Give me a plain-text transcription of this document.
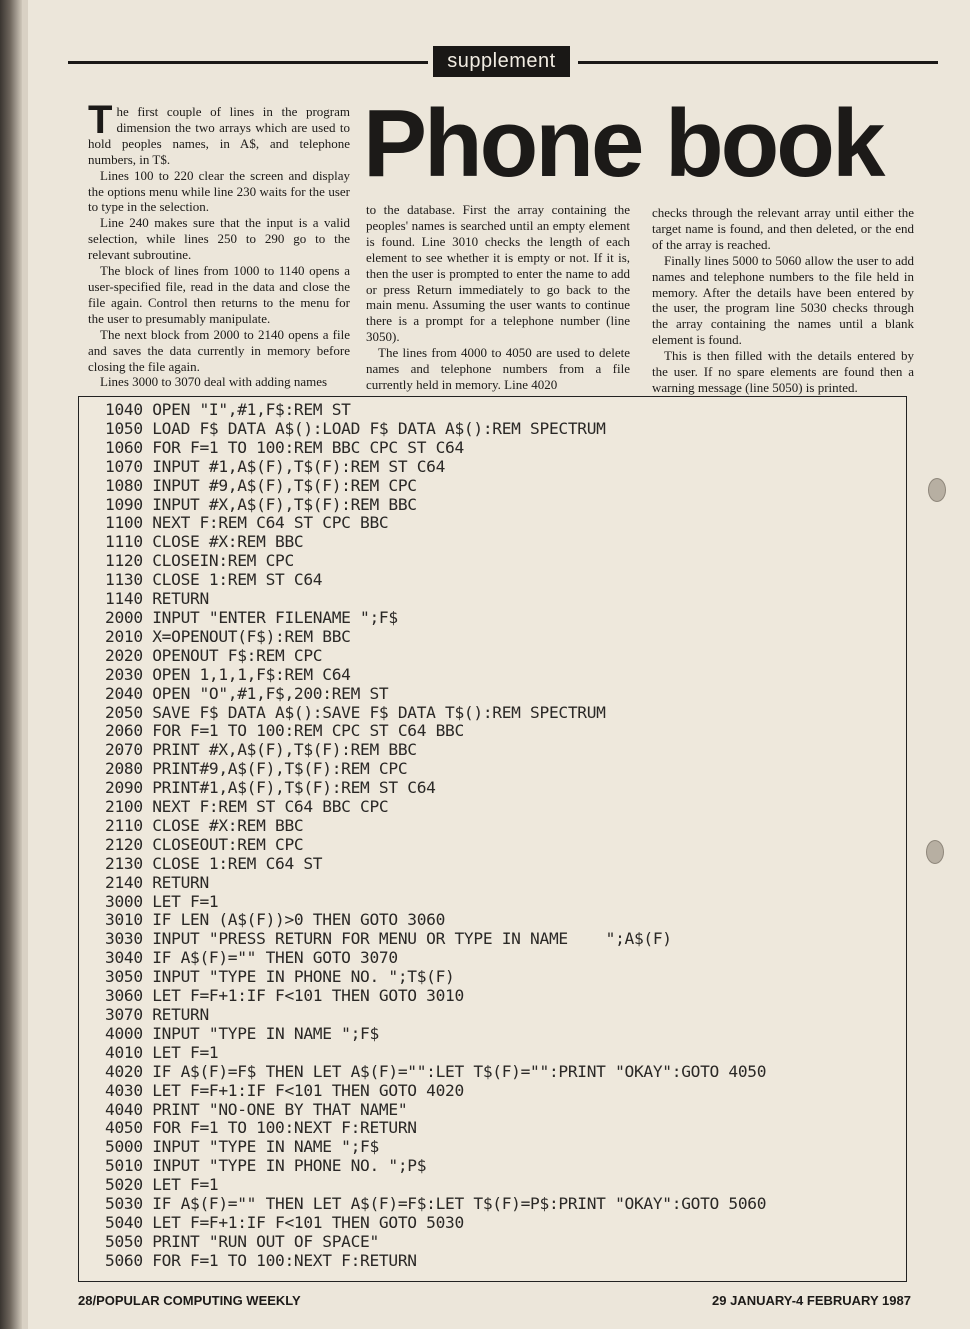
supplement
Phone book

The first couple of lines in the program dimension the two arrays which are used to hold peoples names, in A$, and telephone numbers, in T$.

Lines 100 to 220 clear the screen and display the options menu while line 230 waits for the user to type in the selection.

Line 240 makes sure that the input is a valid selection, while lines 250 to 290 go to the relevant subroutine.

The block of lines from 1000 to 1140 opens a user-specified file, read in the data and close the file again. Control then returns to the menu for the user to presumably manipulate.

The next block from 2000 to 2140 opens a file and saves the data currently in memory before closing the file again.

Lines 3000 to 3070 deal with adding names

to the database. First the array containing the peoples' names is searched until an empty element is found. Line 3010 checks the length of each element to see whether it is empty or not. If it is, then the user is prompted to enter the name to add or press Return immediately to go back to the main menu. Assuming the user wants to continue there is a prompt for a telephone number (line 3050).

The lines from 4000 to 4050 are used to delete names and telephone numbers from a file currently held in memory. Line 4020

checks through the relevant array until either the target name is found, and then deleted, or the end of the array is reached.

Finally lines 5000 to 5060 allow the user to add names and telephone numbers to the file held in memory. After the details have been entered by the user, the program line 5030 checks through the array containing the names until a blank element is found.

This is then filled with the details entered by the user. If no spare elements are found then a warning message (line 5050) is printed.

1040 OPEN "I",#1,F$:REM ST
1050 LOAD F$ DATA A$():LOAD F$ DATA A$():REM SPECTRUM
1060 FOR F=1 TO 100:REM BBC CPC ST C64
1070 INPUT #1,A$(F),T$(F):REM ST C64
1080 INPUT #9,A$(F),T$(F):REM CPC
1090 INPUT #X,A$(F),T$(F):REM BBC
1100 NEXT F:REM C64 ST CPC BBC
1110 CLOSE #X:REM BBC
1120 CLOSEIN:REM CPC
1130 CLOSE 1:REM ST C64
1140 RETURN
2000 INPUT "ENTER FILENAME ";F$
2010 X=OPENOUT(F$):REM BBC
2020 OPENOUT F$:REM CPC
2030 OPEN 1,1,1,F$:REM C64
2040 OPEN "O",#1,F$,200:REM ST
2050 SAVE F$ DATA A$():SAVE F$ DATA T$():REM SPECTRUM
2060 FOR F=1 TO 100:REM CPC ST C64 BBC
2070 PRINT #X,A$(F),T$(F):REM BBC
2080 PRINT#9,A$(F),T$(F):REM CPC
2090 PRINT#1,A$(F),T$(F):REM ST C64
2100 NEXT F:REM ST C64 BBC CPC
2110 CLOSE #X:REM BBC
2120 CLOSEOUT:REM CPC
2130 CLOSE 1:REM C64 ST
2140 RETURN
3000 LET F=1
3010 IF LEN (A$(F))>0 THEN GOTO 3060
3030 INPUT "PRESS RETURN FOR MENU OR TYPE IN NAME    ";A$(F)
3040 IF A$(F)="" THEN GOTO 3070
3050 INPUT "TYPE IN PHONE NO. ";T$(F)
3060 LET F=F+1:IF F<101 THEN GOTO 3010
3070 RETURN
4000 INPUT "TYPE IN NAME ";F$
4010 LET F=1
4020 IF A$(F)=F$ THEN LET A$(F)="":LET T$(F)="":PRINT "OKAY":GOTO 4050
4030 LET F=F+1:IF F<101 THEN GOTO 4020
4040 PRINT "NO-ONE BY THAT NAME"
4050 FOR F=1 TO 100:NEXT F:RETURN
5000 INPUT "TYPE IN NAME ";F$
5010 INPUT "TYPE IN PHONE NO. ";P$
5020 LET F=1
5030 IF A$(F)="" THEN LET A$(F)=F$:LET T$(F)=P$:PRINT "OKAY":GOTO 5060
5040 LET F=F+1:IF F<101 THEN GOTO 5030
5050 PRINT "RUN OUT OF SPACE"
5060 FOR F=1 TO 100:NEXT F:RETURN
28/POPULAR COMPUTING WEEKLY	29 JANUARY-4 FEBRUARY 1987
